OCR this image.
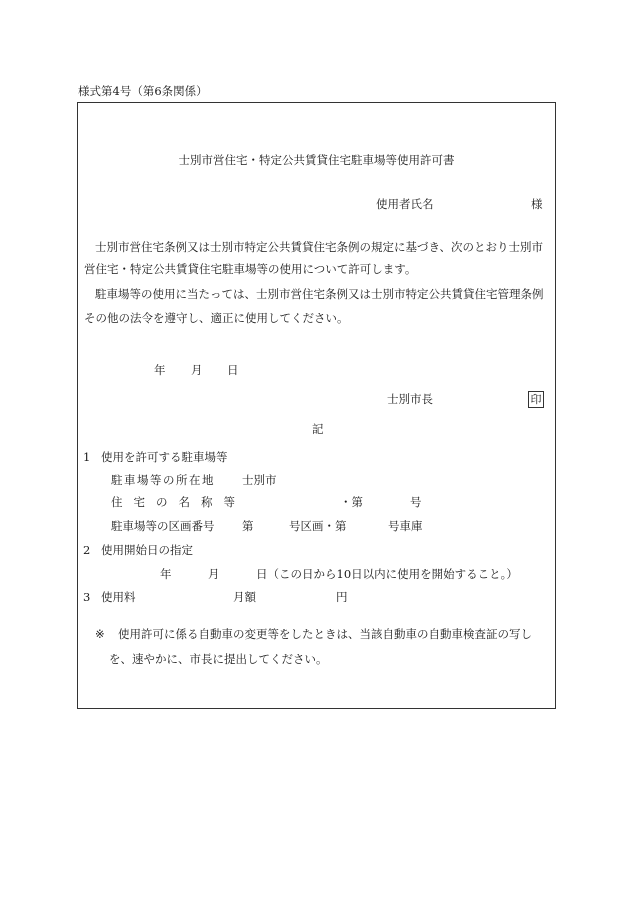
様式第4号（第6条関係）
士別市営住宅・特定公共賃貸住宅駐車場等使用許可書
使用者氏名	様
士別市営住宅条例又は士別市特定公共賃貸住宅条例の規定に基づき、次のとおり士別市
営住宅・特定公共賃貸住宅駐車場等の使用について許可します。
駐車場等の使用に当たっては、士別市営住宅条例又は士別市特定公共賃貸住宅管理条例
その他の法令を遵守し、適正に使用してください。
年 月 日
士別市長	印
記
1 使用を許可する駐車場等
駐車場等の所在地 士別市
住宅の名称等	・第	号
駐車場等の区画番号 第	号区画・第	号車庫
2 使用開始日の指定
年	月	日（この日から10日以内に使用を開始すること。）
3 使用料	月額	円
※ 使用許可に係る自動車の変更等をしたときは、当該自動車の自動車検査証の写し
を、速やかに、市長に提出してください。
